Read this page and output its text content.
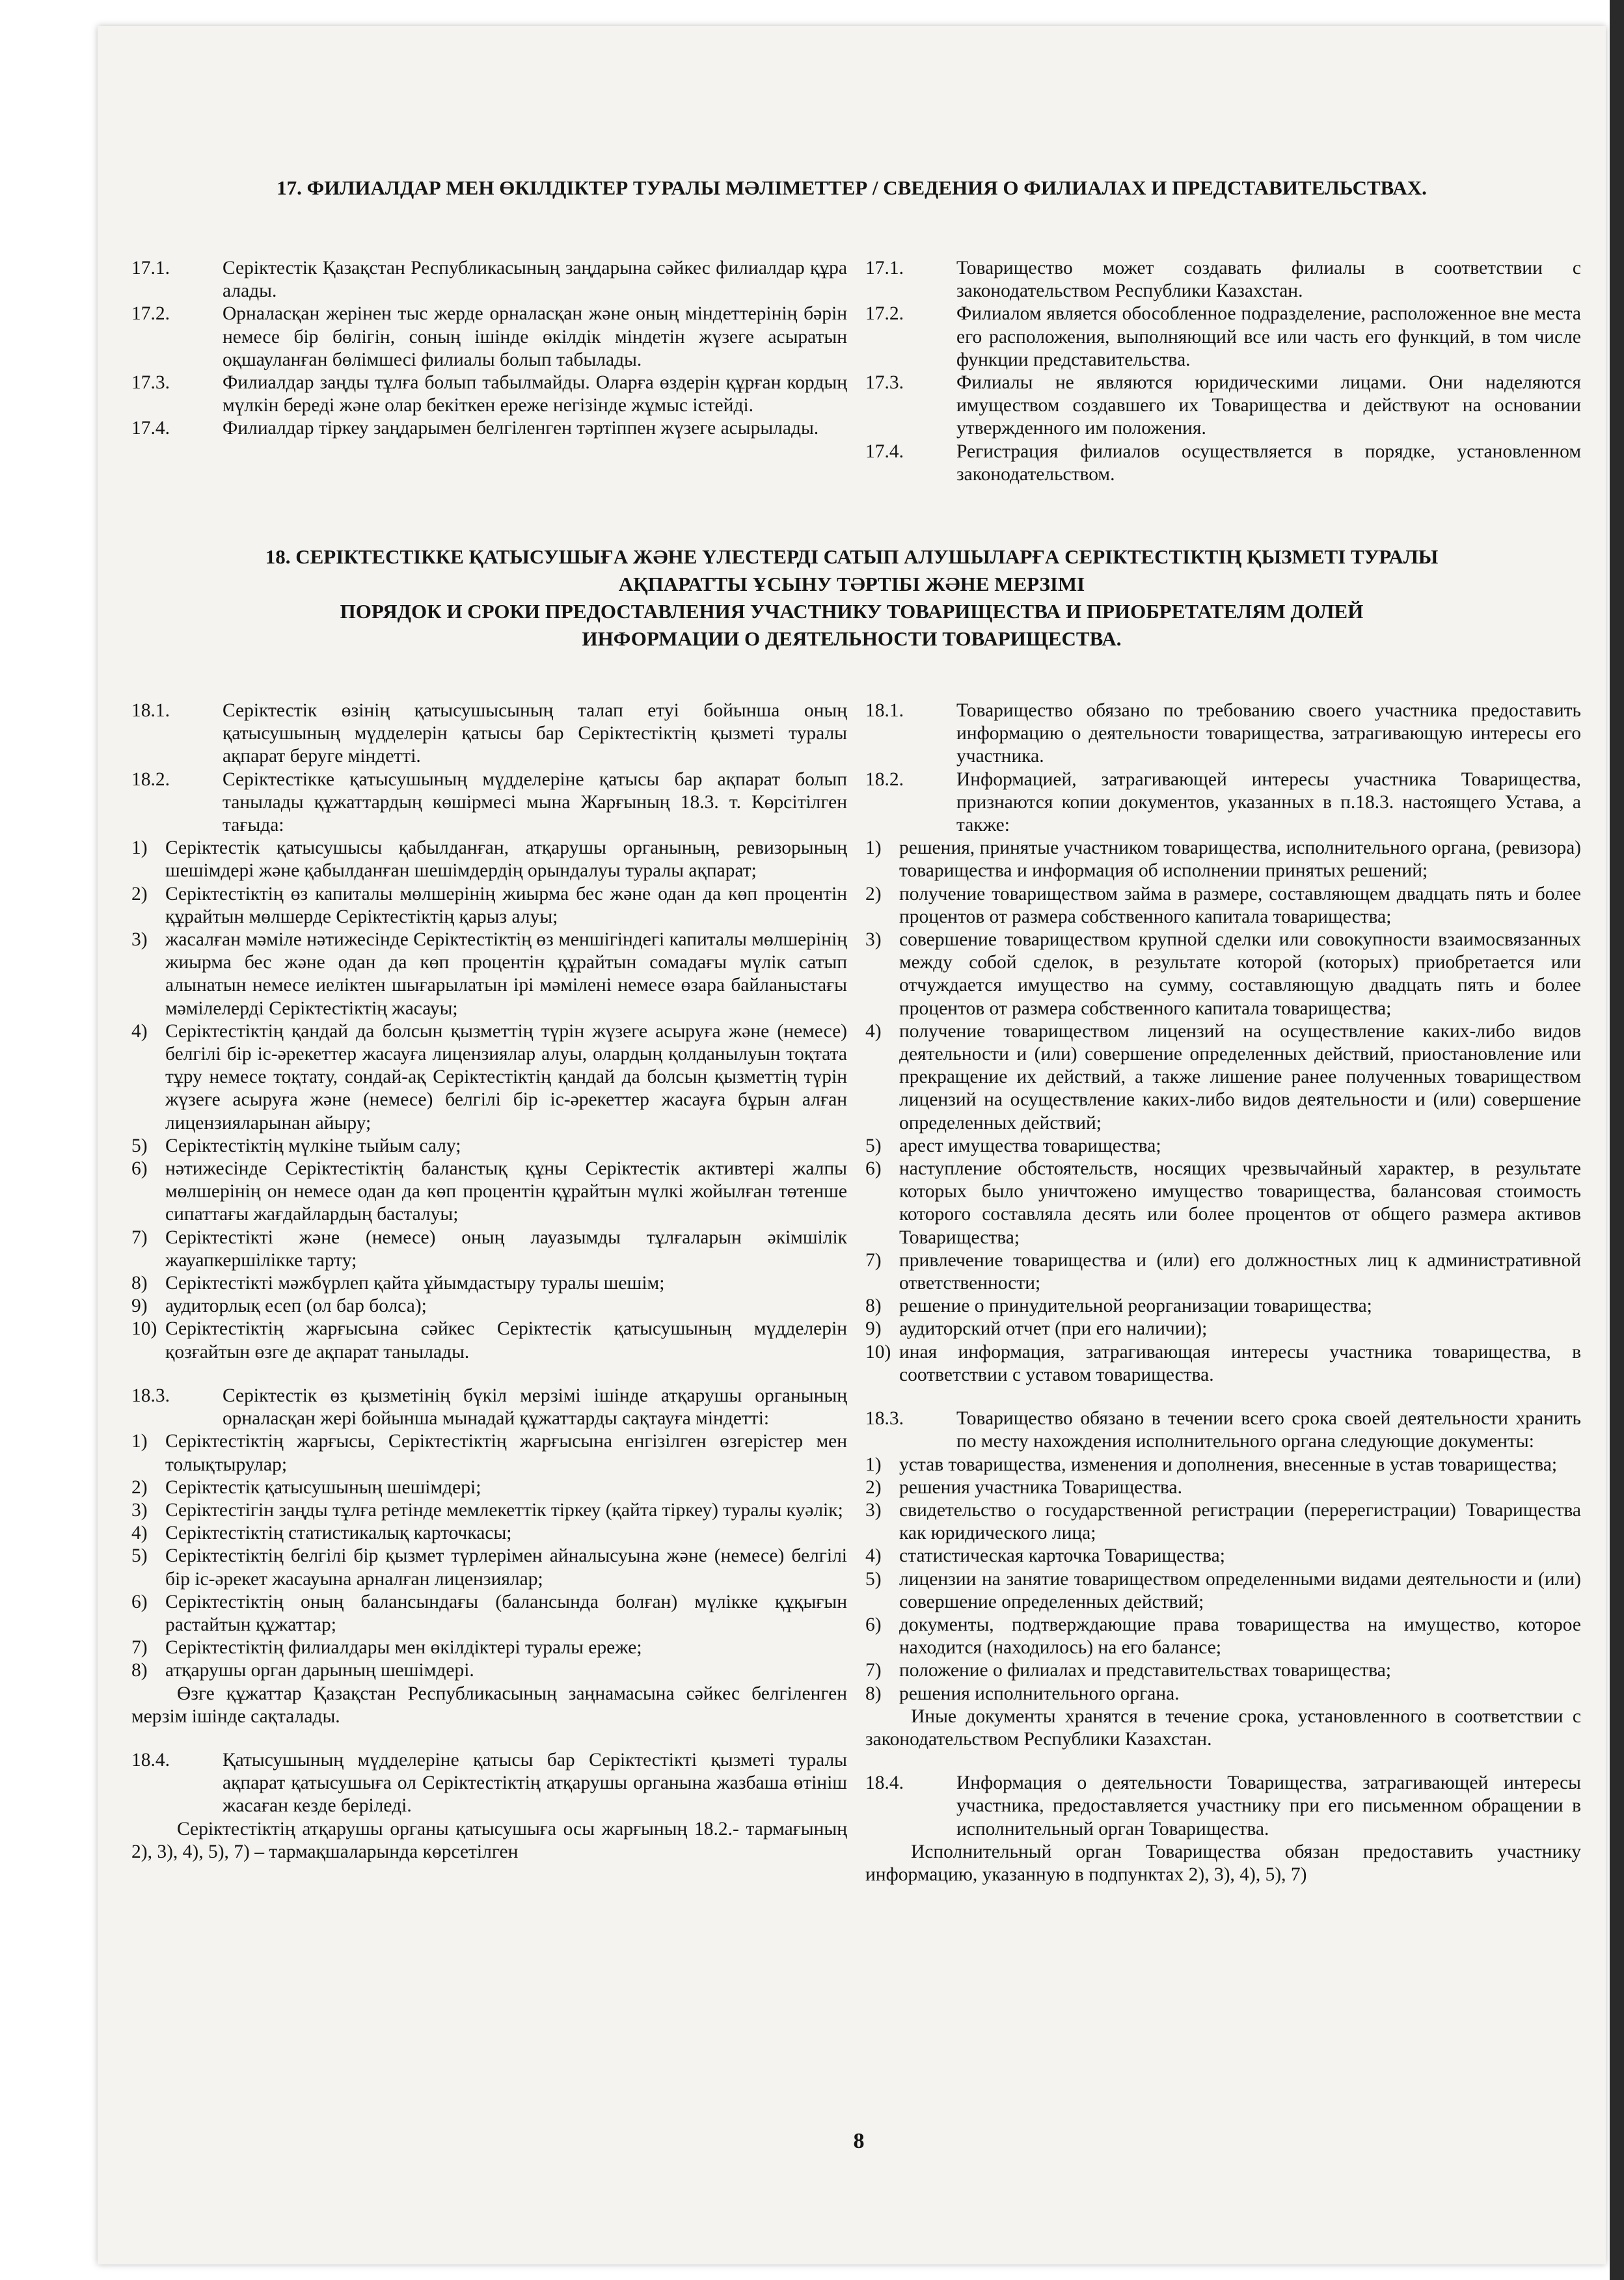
17. ФИЛИАЛДАР МЕН ӨКІЛДІКТЕР ТУРАЛЫ МӘЛІМЕТТЕР / СВЕДЕНИЯ О ФИЛИАЛАХ И ПРЕДСТАВИТЕЛЬСТВАХ.
17.1.	Серіктестік Қазақстан Республикасының заңдарына сәйкес филиалдар құра алады.
17.2.	Орналасқан жерінен тыс жерде орналасқан және оның міндеттерінің бәрін немесе бір бөлігін, соның ішінде өкілдік міндетін жүзеге асыратын оқшауланған бөлімшесі филиалы болып табылады.
17.3.	Филиалдар заңды тұлға болып табылмайды. Оларға өздерін құрған кордың мүлкін береді және олар бекіткен ереже негізінде жұмыс істейді.
17.4.	Филиалдар тіркеу заңдарымен белгіленген тәртіппен жүзеге асырылады.
17.1.	Товарищество может создавать филиалы в соответствии с законодательством Республики Казахстан.
17.2.	Филиалом является обособленное подразделение, расположенное вне места его расположения, выполняющий все или часть его функций, в том числе функции представительства.
17.3.	Филиалы не являются юридическими лицами. Они наделяются имуществом создавшего их Товарищества и действуют на основании утвержденного им положения.
17.4.	Регистрация филиалов осуществляется в порядке, установленном законодательством.
18. СЕРІКТЕСТІККЕ ҚАТЫСУШЫҒА ЖӘНЕ ҮЛЕСТЕРДІ САТЫП АЛУШЫЛАРҒА СЕРІКТЕСТІКТІҢ ҚЫЗМЕТІ ТУРАЛЫ
АҚПАРАТТЫ ҰСЫНУ ТӘРТІБІ ЖӘНЕ МЕРЗІМІ
ПОРЯДОК И СРОКИ ПРЕДОСТАВЛЕНИЯ УЧАСТНИКУ ТОВАРИЩЕСТВА И ПРИОБРЕТАТЕЛЯМ ДОЛЕЙ
ИНФОРМАЦИИ О ДЕЯТЕЛЬНОСТИ ТОВАРИЩЕСТВА.
18.1.	Серіктестік өзінің қатысушысының талап етуі бойынша оның қатысушының мүдделерін қатысы бар Серіктестіктің қызметі туралы ақпарат беруге міндетті.
18.2.	Серіктестікке қатысушының мүдделеріне қатысы бар ақпарат болып танылады құжаттардың көшірмесі мына Жарғының 18.3. т. Көрсітілген тағыда:
1) Серіктестік қатысушысы қабылданған, атқарушы органының, ревизорының шешімдері және қабылданған шешімдердің орындалуы туралы ақпарат;
2) Серіктестіктің өз капиталы мөлшерінің жиырма бес және одан да көп процентін құрайтын мөлшерде Серіктестіктің қарыз алуы;
3) жасалған мәміле нәтижесінде Серіктестіктің өз меншігіндегі капиталы мөлшерінің жиырма бес және одан да көп процентін құрайтын сомадағы мүлік сатып алынатын немесе иеліктен шығарылатын ірі мәмілені немесе өзара байланыстағы мәмілелерді Серіктестіктің жасауы;
4) Серіктестіктің қандай да болсын қызметтің түрін жүзеге асыруға және (немесе) белгілі бір іс-әрекеттер жасауға лицензиялар алуы, олардың қолданылуын тоқтата тұру немесе тоқтату, сондай-ақ Серіктестіктің қандай да болсын қызметтің түрін жүзеге асыруға және (немесе) белгілі бір іс-әрекеттер жасауға бұрын алған лицензияларынан айыру;
5) Серіктестіктің мүлкіне тыйым салу;
6) нәтижесінде Серіктестіктің баланстық құны Серіктестік активтері жалпы мөлшерінің он немесе одан да көп процентін құрайтын мүлкі жойылған төтенше сипаттағы жағдайлардың басталуы;
7) Серіктестікті және (немесе) оның лауазымды тұлғаларын әкімшілік жауапкершілікке тарту;
8) Серіктестікті мәжбүрлеп қайта ұйымдастыру туралы шешім;
9) аудиторлық есеп (ол бар болса);
10) Серіктестіктің жарғысына сәйкес Серіктестік қатысушының мүдделерін қозғайтын өзге де ақпарат танылады.
18.3.	Серіктестік өз қызметінің бүкіл мерзімі ішінде атқарушы органының орналасқан жері бойынша мынадай құжаттарды сақтауға міндетті:
1) Серіктестіктің жарғысы, Серіктестіктің жарғысына енгізілген өзгерістер мен толықтырулар;
2) Серіктестік қатысушының шешімдері;
3) Серіктестігін заңды тұлға ретінде мемлекеттік тіркеу (қайта тіркеу) туралы куәлік;
4) Серіктестіктің статистикалық карточкасы;
5) Серіктестіктің белгілі бір қызмет түрлерімен айналысуына және (немесе) белгілі бір іс-әрекет жасауына арналған лицензиялар;
6) Серіктестіктің оның балансындағы (балансында болған) мүлікке құқығын растайтын құжаттар;
7) Серіктестіктің филиалдары мен өкілдіктері туралы ереже;
8) атқарушы орган дарының шешімдері.

Өзге құжаттар Қазақстан Республикасының заңнамасына сәйкес белгіленген мерзім ішінде сақталады.

18.4.	Қатысушының мүдделеріне қатысы бар Серіктестікті қызметі туралы ақпарат қатысушыға ол Серіктестіктің атқарушы органына жазбаша өтініш жасаған кезде беріледі.

Серіктестіктің атқарушы органы қатысушыға осы жарғының 18.2.- тармағының 2), 3), 4), 5), 7) – тармақшаларында көрсетілген

18.1.	Товарищество обязано по требованию своего участника предоставить информацию о деятельности товарищества, затрагивающую интересы его участника.
18.2.	Информацией, затрагивающей интересы участника Товарищества, признаются копии документов, указанных в п.18.3. настоящего Устава, а также:
1) решения, принятые участником товарищества, исполнительного органа, (ревизора) товарищества и информация об исполнении принятых решений;
2) получение товариществом займа в размере, составляющем двадцать пять и более процентов от размера собственного капитала товарищества;
3) совершение товариществом крупной сделки или совокупности взаимосвязанных между собой сделок, в результате которой (которых) приобретается или отчуждается имущество на сумму, составляющую двадцать пять и более процентов от размера собственного капитала товарищества;
4) получение товариществом лицензий на осуществление каких-либо видов деятельности и (или) совершение определенных действий, приостановление или прекращение их действий, а также лишение ранее полученных товариществом лицензий на осуществление каких-либо видов деятельности и (или) совершение определенных действий;
5) арест имущества товарищества;
6) наступление обстоятельств, носящих чрезвычайный характер, в результате которых было уничтожено имущество товарищества, балансовая стоимость которого составляла десять или более процентов от общего размера активов Товарищества;
7) привлечение товарищества и (или) его должностных лиц к административной ответственности;
8) решение о принудительной реорганизации товарищества;
9) аудиторский отчет (при его наличии);
10) иная информация, затрагивающая интересы участника товарищества, в соответствии с уставом товарищества.
18.3.	Товарищество обязано в течении всего срока своей деятельности хранить по месту нахождения исполнительного органа следующие документы:
1) устав товарищества, изменения и дополнения, внесенные в устав товарищества;
2) решения участника Товарищества.
3) свидетельство о государственной регистрации (перерегистрации) Товарищества как юридического лица;
4) статистическая карточка Товарищества;
5) лицензии на занятие товариществом определенными видами деятельности и (или) совершение определенных действий;
6) документы, подтверждающие права товарищества на имущество, которое находится (находилось) на его балансе;
7) положение о филиалах и представительствах товарищества;
8) решения исполнительного органа.

Иные документы хранятся в течение срока, установленного в соответствии с законодательством Республики Казахстан.

18.4.	Информация о деятельности Товарищества, затрагивающей интересы участника, предоставляется участнику при его письменном обращении в исполнительный орган Товарищества.

Исполнительный орган Товарищества обязан предоставить участнику информацию, указанную в подпунктах 2), 3), 4), 5), 7)

8
